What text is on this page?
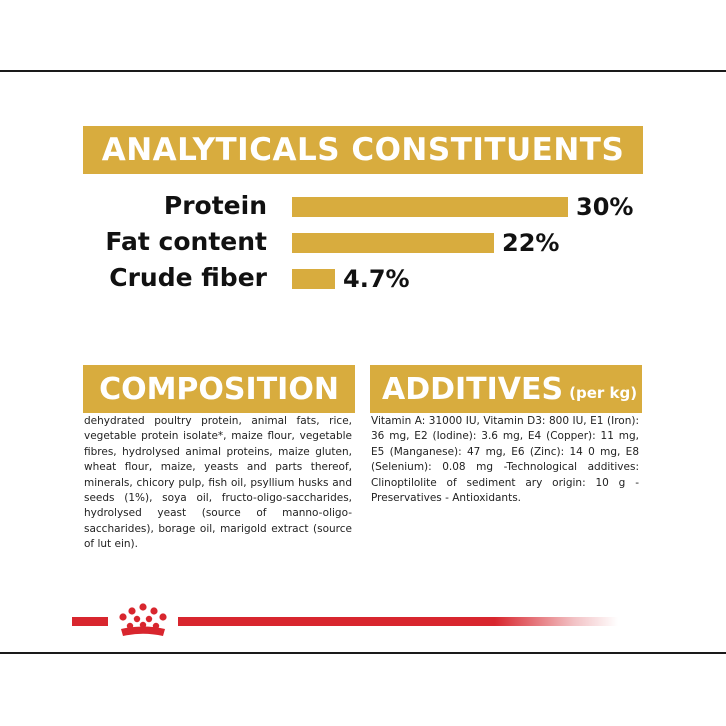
ANALYTICALS CONSTITUENTS
Protein	30%
Fat content	22%
Crude fiber	4.7%
COMPOSITION

dehydrated poultry protein, animal fats, rice, vegetable protein isolate*, maize flour, vegetable fibres, hydrolysed animal proteins, maize gluten, wheat flour, maize, yeasts and parts thereof, minerals, chicory pulp, fish oil, psyllium husks and seeds (1%), soya oil, fructo-oligo-saccharides, hydrolysed yeast (source of manno-oligo-saccharides), borage oil, marigold extract (source of lut ein).

ADDITIVES (per kg)

Vitamin A: 31000 IU, Vitamin D3: 800 IU, E1 (Iron): 36 mg, E2 (Iodine): 3.6 mg, E4 (Copper): 11 mg, E5 (Manganese): 47 mg, E6 (Zinc): 14 0 mg, E8 (Selenium): 0.08 mg -Technological additives: Clinoptilolite of sediment ary origin: 10 g - Preservatives - Antioxidants.
